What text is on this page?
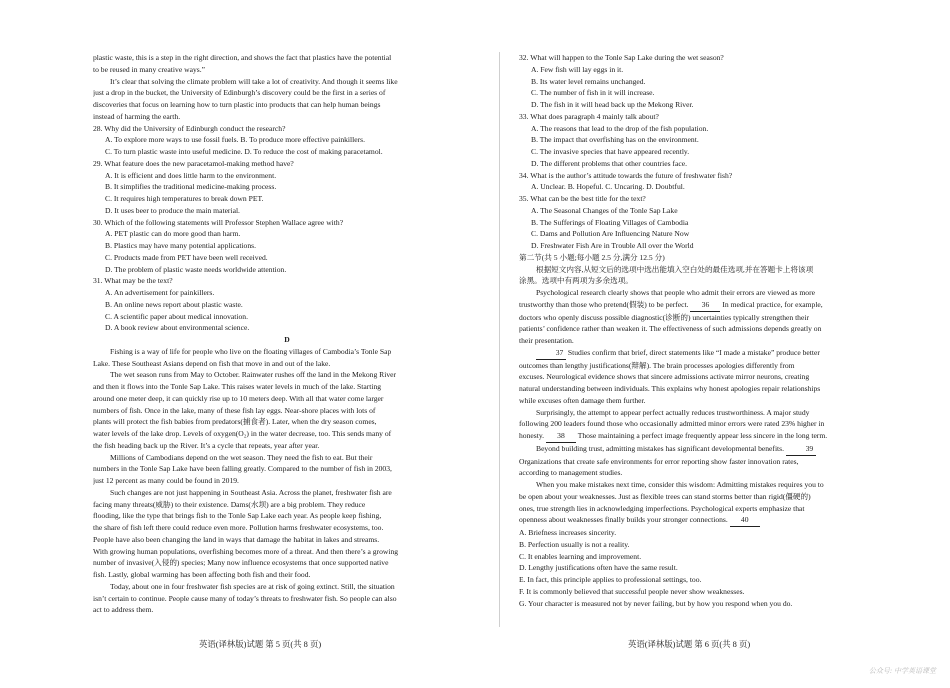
plastic waste, this is a step in the right direction, and shows the fact that plastics have the potential
to be reused in many creative ways.”
It’s clear that solving the climate problem will take a lot of creativity. And though it seems like
just a drop in the bucket, the University of Edinburgh’s discovery could be the first in a series of
discoveries that focus on learning how to turn plastic into products that can help human beings
instead of harming the earth.
28. Why did the University of Edinburgh conduct the research?
A. To explore more ways to use fossil fuels. B. To produce more effective painkillers.
C. To turn plastic waste into useful medicine. D. To reduce the cost of making paracetamol.
29. What feature does the new paracetamol-making method have?
A. It is efficient and does little harm to the environment.
B. It simplifies the traditional medicine-making process.
C. It requires high temperatures to break down PET.
D. It uses beer to produce the main material.
30. Which of the following statements will Professor Stephen Wallace agree with?
A. PET plastic can do more good than harm.
B. Plastics may have many potential applications.
C. Products made from PET have been well received.
D. The problem of plastic waste needs worldwide attention.
31. What may be the text?
A. An advertisement for painkillers.
B. An online news report about plastic waste.
C. A scientific paper about medical innovation.
D. A book review about environmental science.
D
Fishing is a way of life for people who live on the floating villages of Cambodia’s Tonle Sap
Lake. These Southeast Asians depend on fish that move in and out of the lake.
The wet season runs from May to October. Rainwater rushes off the land in the Mekong River
and then it flows into the Tonle Sap Lake. This raises water levels in much of the lake. Starting
around one meter deep, it can quickly rise up to 10 meters deep. With all that water come larger
numbers of fish. Once in the lake, many of these fish lay eggs. Near-shore places with lots of
plants will protect the fish babies from predators(捕食者). Later, when the dry season comes,
water levels of the lake drop. Levels of oxygen(O₂) in the water decrease, too. This sends many of
the fish heading back up the River. It’s a cycle that repeats, year after year.
Millions of Cambodians depend on the wet season. They need the fish to eat. But their
numbers in the Tonle Sap Lake have been falling greatly. Compared to the number of fish in 2003,
just 12 percent as many could be found in 2019.
Such changes are not just happening in Southeast Asia. Across the planet, freshwater fish are
facing many threats(威胁) to their existence. Dams(水坝) are a big problem. They reduce
flooding, like the type that brings fish to the Tonle Sap Lake each year. As people keep fishing,
the share of fish left there could reduce even more. Pollution harms freshwater ecosystems, too.
People have also been changing the land in ways that damage the habitat in lakes and streams.
With growing human populations, overfishing becomes more of a threat. And then there’s a growing
number of invasive(入侵的) species; Many now influence ecosystems that once supported native
fish. Lastly, global warming has been affecting both fish and their food.
Today, about one in four freshwater fish species are at risk of going extinct. Still, the situation
isn’t certain to continue. People cause many of today’s threats to freshwater fish. So people can also
act to address them.
32. What will happen to the Tonle Sap Lake during the wet season?
A. Few fish will lay eggs in it.
B. Its water level remains unchanged.
C. The number of fish in it will increase.
D. The fish in it will head back up the Mekong River.
33. What does paragraph 4 mainly talk about?
A. The reasons that lead to the drop of the fish population.
B. The impact that overfishing has on the environment.
C. The invasive species that have appeared recently.
D. The different problems that other countries face.
34. What is the author’s attitude towards the future of freshwater fish?
A. Unclear. B. Hopeful. C. Uncaring. D. Doubtful.
35. What can be the best title for the text?
A. The Seasonal Changes of the Tonle Sap Lake
B. The Sufferings of Floating Villages of Cambodia
C. Dams and Pollution Are Influencing Nature Now
D. Freshwater Fish Are in Trouble All over the World
第二节(共 5 小题;每小题 2.5 分,满分 12.5 分)
根据短文内容,从短文后的选项中选出能填入空白处的最佳选项,并在答题卡上将该项
涂黑。选项中有两项为多余选项。
Psychological research clearly shows that people who admit their errors are viewed as more
trustworthy than those who pretend(假装) to be perfect. 36 In medical practice, for example,
doctors who openly discuss possible diagnostic(诊断的) uncertainties typically strengthen their
patients’ confidence rather than weaken it. The effectiveness of such admissions depends greatly on
their presentation.
37 Studies confirm that brief, direct statements like “I made a mistake” produce better
outcomes than lengthy justifications(辩解). The brain processes apologies differently from
excuses. Neurological evidence shows that sincere admissions activate mirror neurons, creating
natural understanding between individuals. This explains why honest apologies repair relationships
while excuses often damage them further.
Surprisingly, the attempt to appear perfect actually reduces trustworthiness. A major study
following 200 leaders found those who occasionally admitted minor errors were rated 23% higher in
honesty. 38 Those maintaining a perfect image frequently appear less sincere in the long term.
Beyond building trust, admitting mistakes has significant developmental benefits.	39
Organizations that create safe environments for error reporting show faster innovation rates,
according to management studies.
When you make mistakes next time, consider this wisdom: Admitting mistakes requires you to
be open about your weaknesses. Just as flexible trees can stand storms better than rigid(僵硬的)
ones, true strength lies in acknowledging imperfections. Psychological experts emphasize that
openness about weaknesses finally builds your stronger connections. 40
A. Briefness increases sincerity.
B. Perfection usually is not a reality.
C. It enables learning and improvement.
D. Lengthy justifications often have the same result.
E. In fact, this principle applies to professional settings, too.
F. It is commonly believed that successful people never show weaknesses.
G. Your character is measured not by never failing, but by how you respond when you do.
英语(译林版)试题 第 5 页(共 8 页)	英语(译林版)试题 第 6 页(共 8 页)
公众号: 中学英语课堂
